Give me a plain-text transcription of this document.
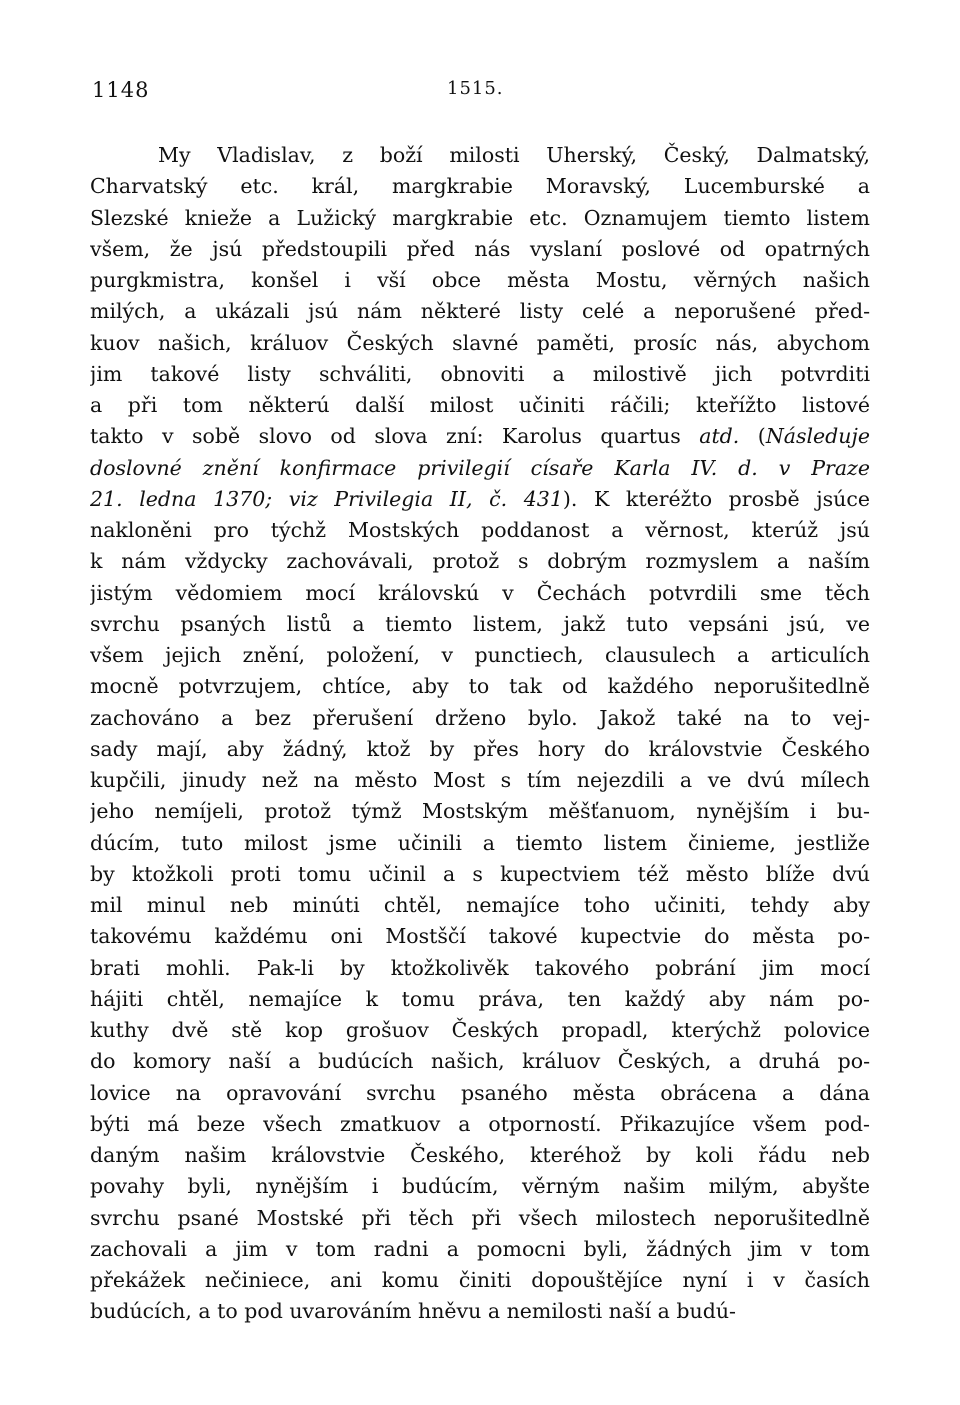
1148	1515.
My Vladislav, z boží milosti Uherský, Český, Dalmatský,
Charvatský etc. král, margkrabie Moravský, Lucemburské a
Slezské knieže a Lužický margkrabie etc. Oznamujem tiemto listem
všem, že jsú předstoupili před nás vyslaní poslové od opatrných
purgkmistra, konšel i vší obce města Mostu, věrných našich
milých, a ukázali jsú nám některé listy celé a neporušené před-
kuov našich, králuov Českých slavné paměti, prosíc nás, abychom
jim takové listy schváliti, obnoviti a milostivě jich potvrditi
a při tom některú další milost učiniti ráčili; kteřížto listové
takto v sobě slovo od slova zní: Karolus quartus atd. (Následuje
doslovné znění konfirmace privilegií císaře Karla IV. d. v Praze
21. ledna 1370; viz Privilegia II, č. 431). K kteréžto prosbě jsúce
nakloněni pro týchž Mostských poddanost a věrnost, kterúž jsú
k nám vždycky zachovávali, protož s dobrým rozmyslem a naším
jistým vědomiem mocí královskú v Čechách potvrdili sme těch
svrchu psaných listů a tiemto listem, jakž tuto vepsáni jsú, ve
všem jejich znění, položení, v punctiech, clausulech a articulích
mocně potvrzujem, chtíce, aby to tak od každého neporušitedlně
zachováno a bez přerušení drženo bylo. Jakož také na to vej-
sady mají, aby žádný, ktož by přes hory do královstvie Českého
kupčili, jinudy než na město Most s tím nejezdili a ve dvú mílech
jeho nemíjeli, protož týmž Mostským měšťanuom, nynějším i bu-
dúcím, tuto milost jsme učinili a tiemto listem činieme, jestliže
by ktožkoli proti tomu učinil a s kupectviem též město blíže dvú
mil minul neb minúti chtěl, nemajíce toho učiniti, tehdy aby
takovému každému oni Mostščí takové kupectvie do města po-
brati mohli. Pak-li by ktožkolivěk takového pobrání jim mocí
hájiti chtěl, nemajíce k tomu práva, ten každý aby nám po-
kuthy dvě stě kop grošuov Českých propadl, kterýchž polovice
do komory naší a budúcích našich, králuov Českých, a druhá po-
lovice na opravování svrchu psaného města obrácena a dána
býti má beze všech zmatkuov a otporností. Přikazujíce všem pod-
daným našim královstvie Českého, kteréhož by koli řádu neb
povahy byli, nynějším i budúcím, věrným našim milým, abyšte
svrchu psané Mostské při těch při všech milostech neporušitedlně
zachovali a jim v tom radni a pomocni byli, žádných jim v tom
překážek nečiniece, ani komu činiti dopouštějíce nyní i v časích
budúcích, a to pod uvarováním hněvu a nemilosti naší a budú-
